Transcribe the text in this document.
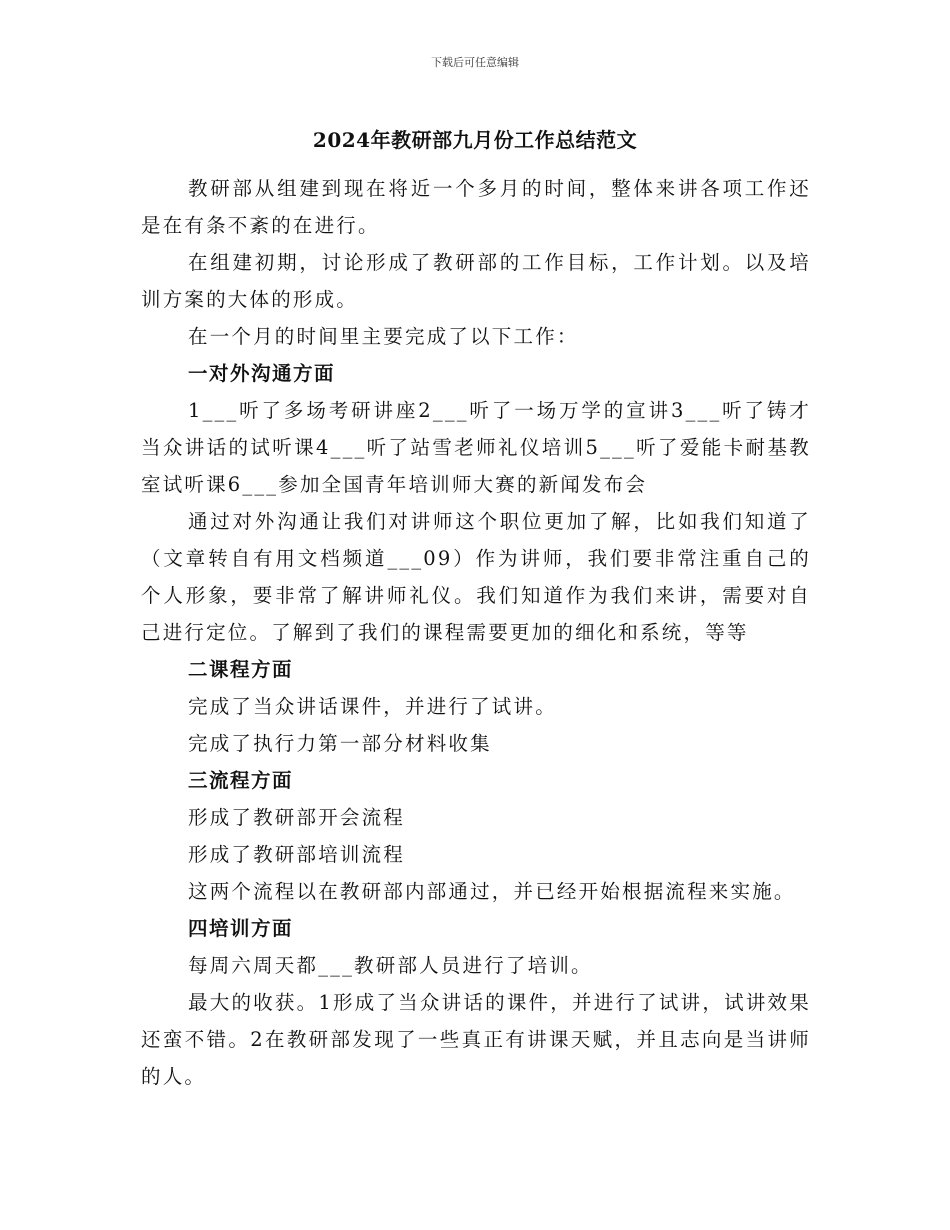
下载后可任意编辑
2024年教研部九月份工作总结范文

教研部从组建到现在将近一个多月的时间，整体来讲各项工作还是在有条不紊的在进行。

在组建初期，讨论形成了教研部的工作目标，工作计划。以及培训方案的大体的形成。

在一个月的时间里主要完成了以下工作：

一对外沟通方面

1___听了多场考研讲座2___听了一场万学的宣讲3___听了铸才当众讲话的试听课4___听了站雪老师礼仪培训5___听了爱能卡耐基教室试听课6___参加全国青年培训师大赛的新闻发布会

通过对外沟通让我们对讲师这个职位更加了解，比如我们知道了（文章转自有用文档频道___09）作为讲师，我们要非常注重自己的个人形象，要非常了解讲师礼仪。我们知道作为我们来讲，需要对自己进行定位。了解到了我们的课程需要更加的细化和系统，等等

二课程方面

完成了当众讲话课件，并进行了试讲。

完成了执行力第一部分材料收集

三流程方面

形成了教研部开会流程

形成了教研部培训流程

这两个流程以在教研部内部通过，并已经开始根据流程来实施。

四培训方面

每周六周天都___教研部人员进行了培训。

最大的收获。1形成了当众讲话的课件，并进行了试讲，试讲效果还蛮不错。2在教研部发现了一些真正有讲课天赋，并且志向是当讲师的人。
